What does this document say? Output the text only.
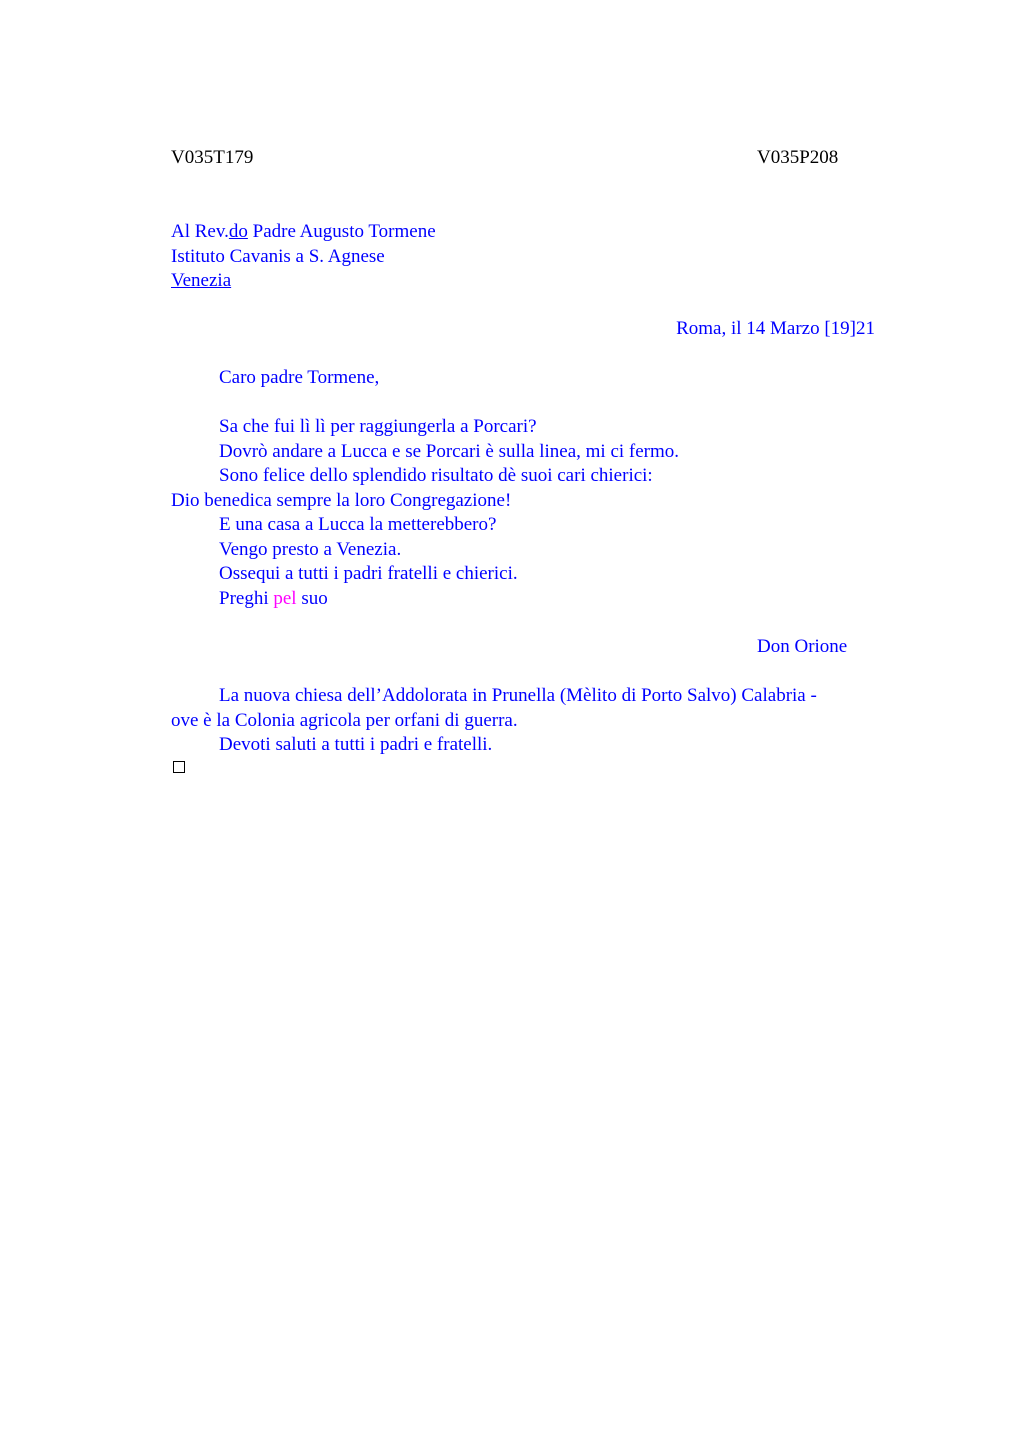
V035T179	V035P208
Al Rev.do Padre Augusto Tormene
Istituto Cavanis a S. Agnese
Venezia
Roma, il 14 Marzo [19]21
Caro padre Tormene,
Sa che fui lì lì per raggiungerla a Porcari?
Dovrò andare a Lucca e se Porcari è sulla linea, mi ci fermo.
Sono felice dello splendido risultato dè suoi cari chierici:
Dio benedica sempre la loro Congregazione!
E una casa a Lucca la metterebbero?
Vengo presto a Venezia.
Ossequi a tutti i padri fratelli e chierici.
Preghi pel suo
Don Orione
La nuova chiesa dell’Addolorata in Prunella (Mèlito di Porto Salvo) Calabria -
ove è la Colonia agricola per orfani di guerra.
Devoti saluti a tutti i padri e fratelli.
